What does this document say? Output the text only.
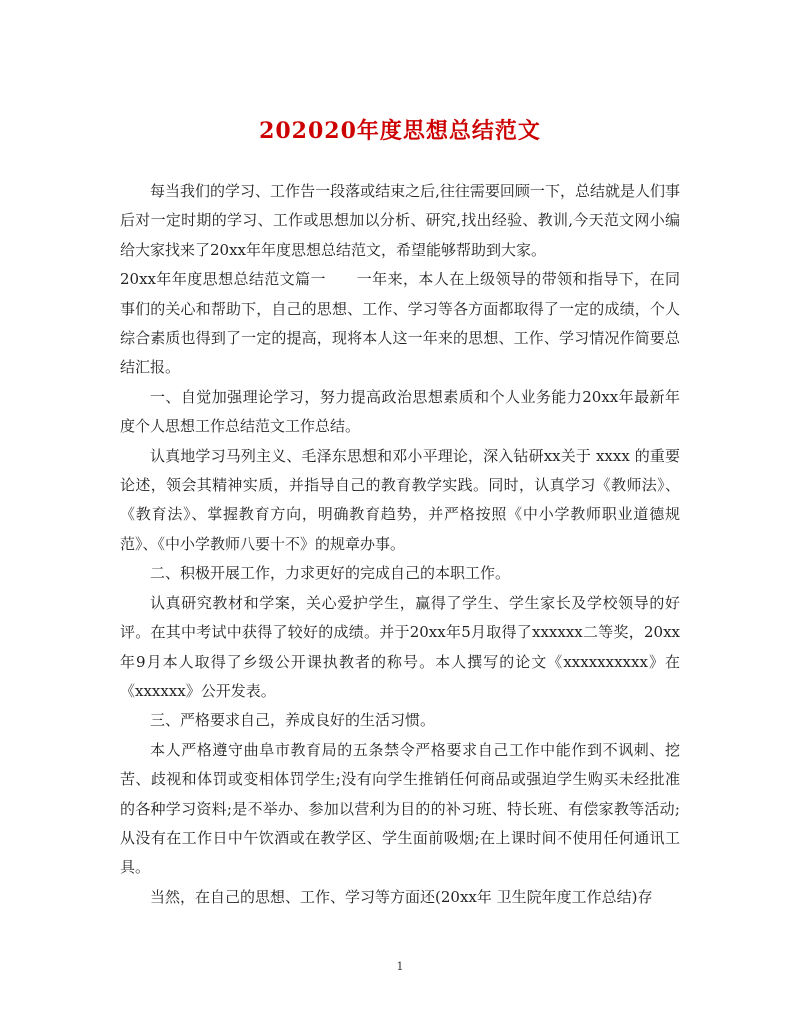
202020年度思想总结范文

每当我们的学习、工作告一段落或结束之后,往往需要回顾一下，总结就是人们事后对一定时期的学习、工作或思想加以分析、研究,找出经验、教训,今天范文网小编给大家找来了20xx年年度思想总结范文，希望能够帮助到大家。

20xx年年度思想总结范文篇一　　一年来，本人在上级领导的带领和指导下，在同事们的关心和帮助下，自己的思想、工作、学习等各方面都取得了一定的成绩，个人综合素质也得到了一定的提高，现将本人这一年来的思想、工作、学习情况作简要总结汇报。

一、自觉加强理论学习，努力提高政治思想素质和个人业务能力20xx年最新年度个人思想工作总结范文工作总结。

认真地学习马列主义、毛泽东思想和邓小平理论，深入钻研xx关于 xxxx 的重要论述，领会其精神实质，并指导自己的教育教学实践。同时，认真学习《教师法》、《教育法》、掌握教育方向，明确教育趋势，并严格按照《中小学教师职业道德规范》、《中小学教师八要十不》的规章办事。

二、积极开展工作，力求更好的完成自己的本职工作。

认真研究教材和学案，关心爱护学生，赢得了学生、学生家长及学校领导的好评。在其中考试中获得了较好的成绩。并于20xx年5月取得了xxxxxx二等奖，20xx年9月本人取得了乡级公开课执教者的称号。本人撰写的论文《xxxxxxxxxx》在《xxxxxx》公开发表。

三、严格要求自己，养成良好的生活习惯。

本人严格遵守曲阜市教育局的五条禁令严格要求自己工作中能作到不讽刺、挖苦、歧视和体罚或变相体罚学生;没有向学生推销任何商品或强迫学生购买未经批准的各种学习资料;是不举办、参加以营利为目的的补习班、特长班、有偿家教等活动;从没有在工作日中午饮酒或在教学区、学生面前吸烟;在上课时间不使用任何通讯工具。

当然，在自己的思想、工作、学习等方面还(20xx年 卫生院年度工作总结)存

1
